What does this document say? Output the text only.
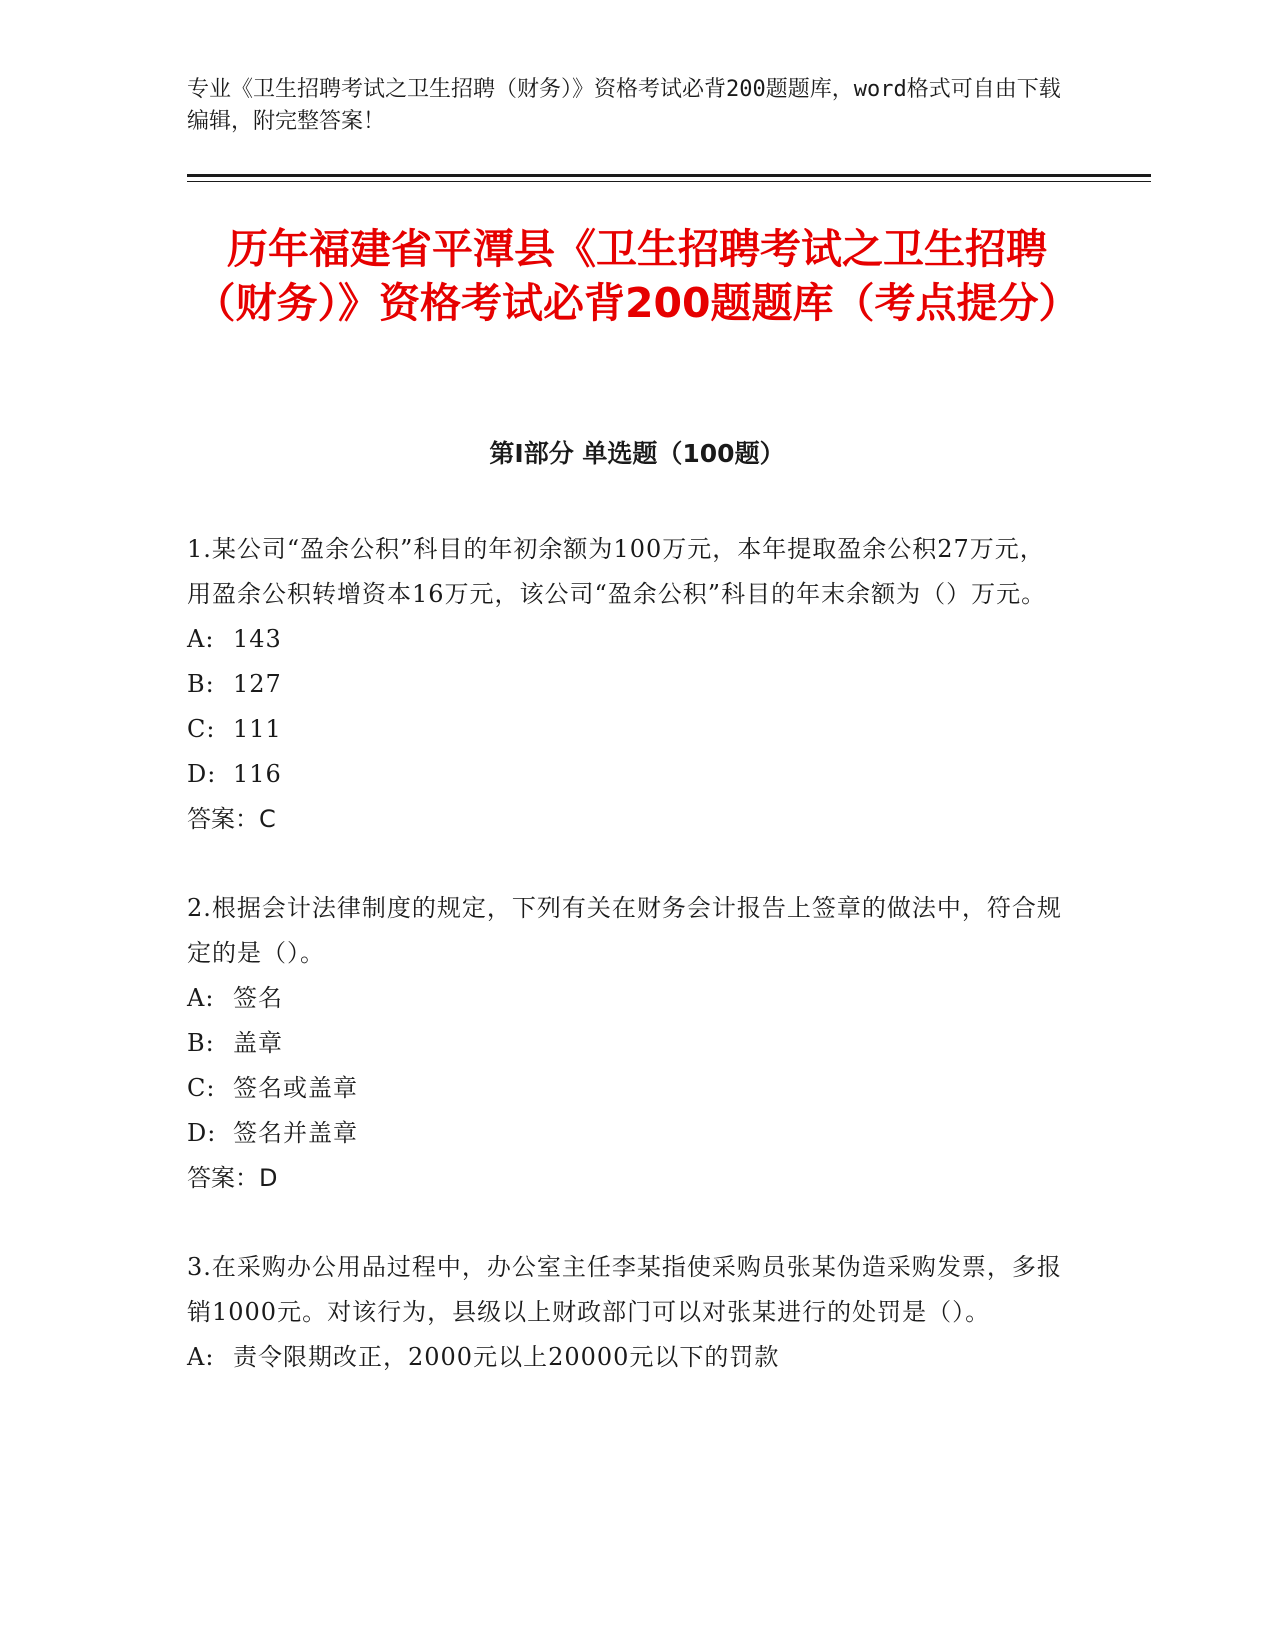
专业《卫生招聘考试之卫生招聘（财务）》资格考试必背200题题库，word格式可自由下载编辑，附完整答案！
历年福建省平潭县《卫生招聘考试之卫生招聘（财务）》资格考试必背200题题库（考点提分）
第I部分 单选题（100题）

1.某公司“盈余公积”科目的年初余额为100万元，本年提取盈余公积27万元，用盈余公积转增资本16万元，该公司“盈余公积”科目的年末余额为（）万元。

A: 143

B: 127

C: 111

D: 116

答案：C

2.根据会计法律制度的规定，下列有关在财务会计报告上签章的做法中，符合规定的是（）。

A: 签名

B: 盖章

C: 签名或盖章

D: 签名并盖章

答案：D

3.在采购办公用品过程中，办公室主任李某指使采购员张某伪造采购发票，多报销1000元。对该行为，县级以上财政部门可以对张某进行的处罚是（）。

A: 责令限期改正，2000元以上20000元以下的罚款
